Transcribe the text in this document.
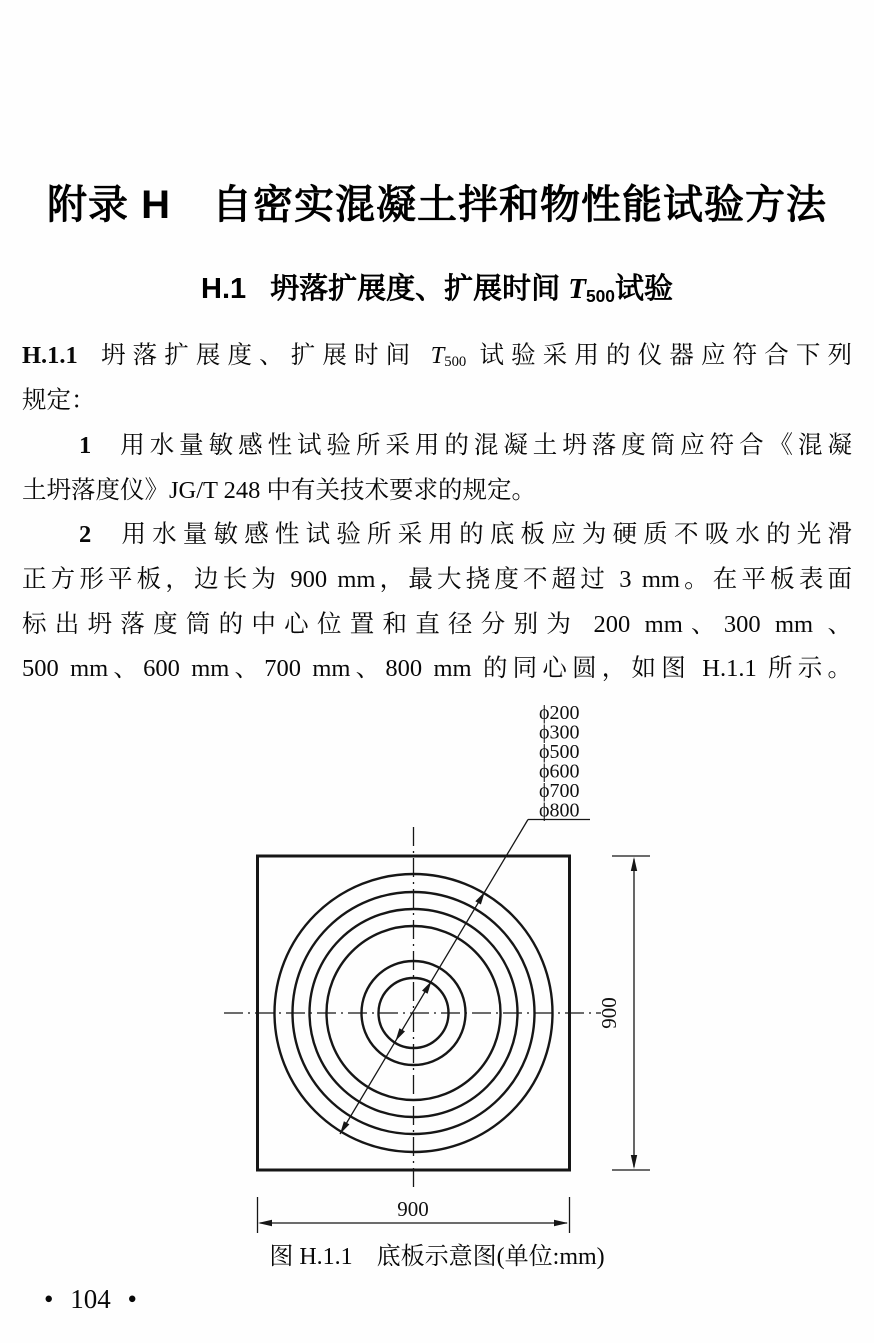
附录 H　自密实混凝土拌和物性能试验方法
H.1 坍落扩展度、扩展时间 $T_{500}$试验
H.1.1 坍落扩展度、扩展时间 $T_{500}$ 试验采用的仪器应符合下列
规定：
1 用水量敏感性试验所采用的混凝土坍落度筒应符合《混凝
土坍落度仪》JG/T 248 中有关技术要求的规定。
2 用水量敏感性试验所采用的底板应为硬质不吸水的光滑
正方形平板，边长为 900 mm，最大挠度不超过 3 mm。在平板表面
标出坍落度筒的中心位置和直径分别为 200 mm、300 mm 、
500 mm、600 mm、700 mm、800 mm 的同心圆，如图 H.1.1 所示。
ϕ200
ϕ300
ϕ500
ϕ600
ϕ700
ϕ800
900
900
图 H.1.1　底板示意图(单位:mm)
• 104 •
